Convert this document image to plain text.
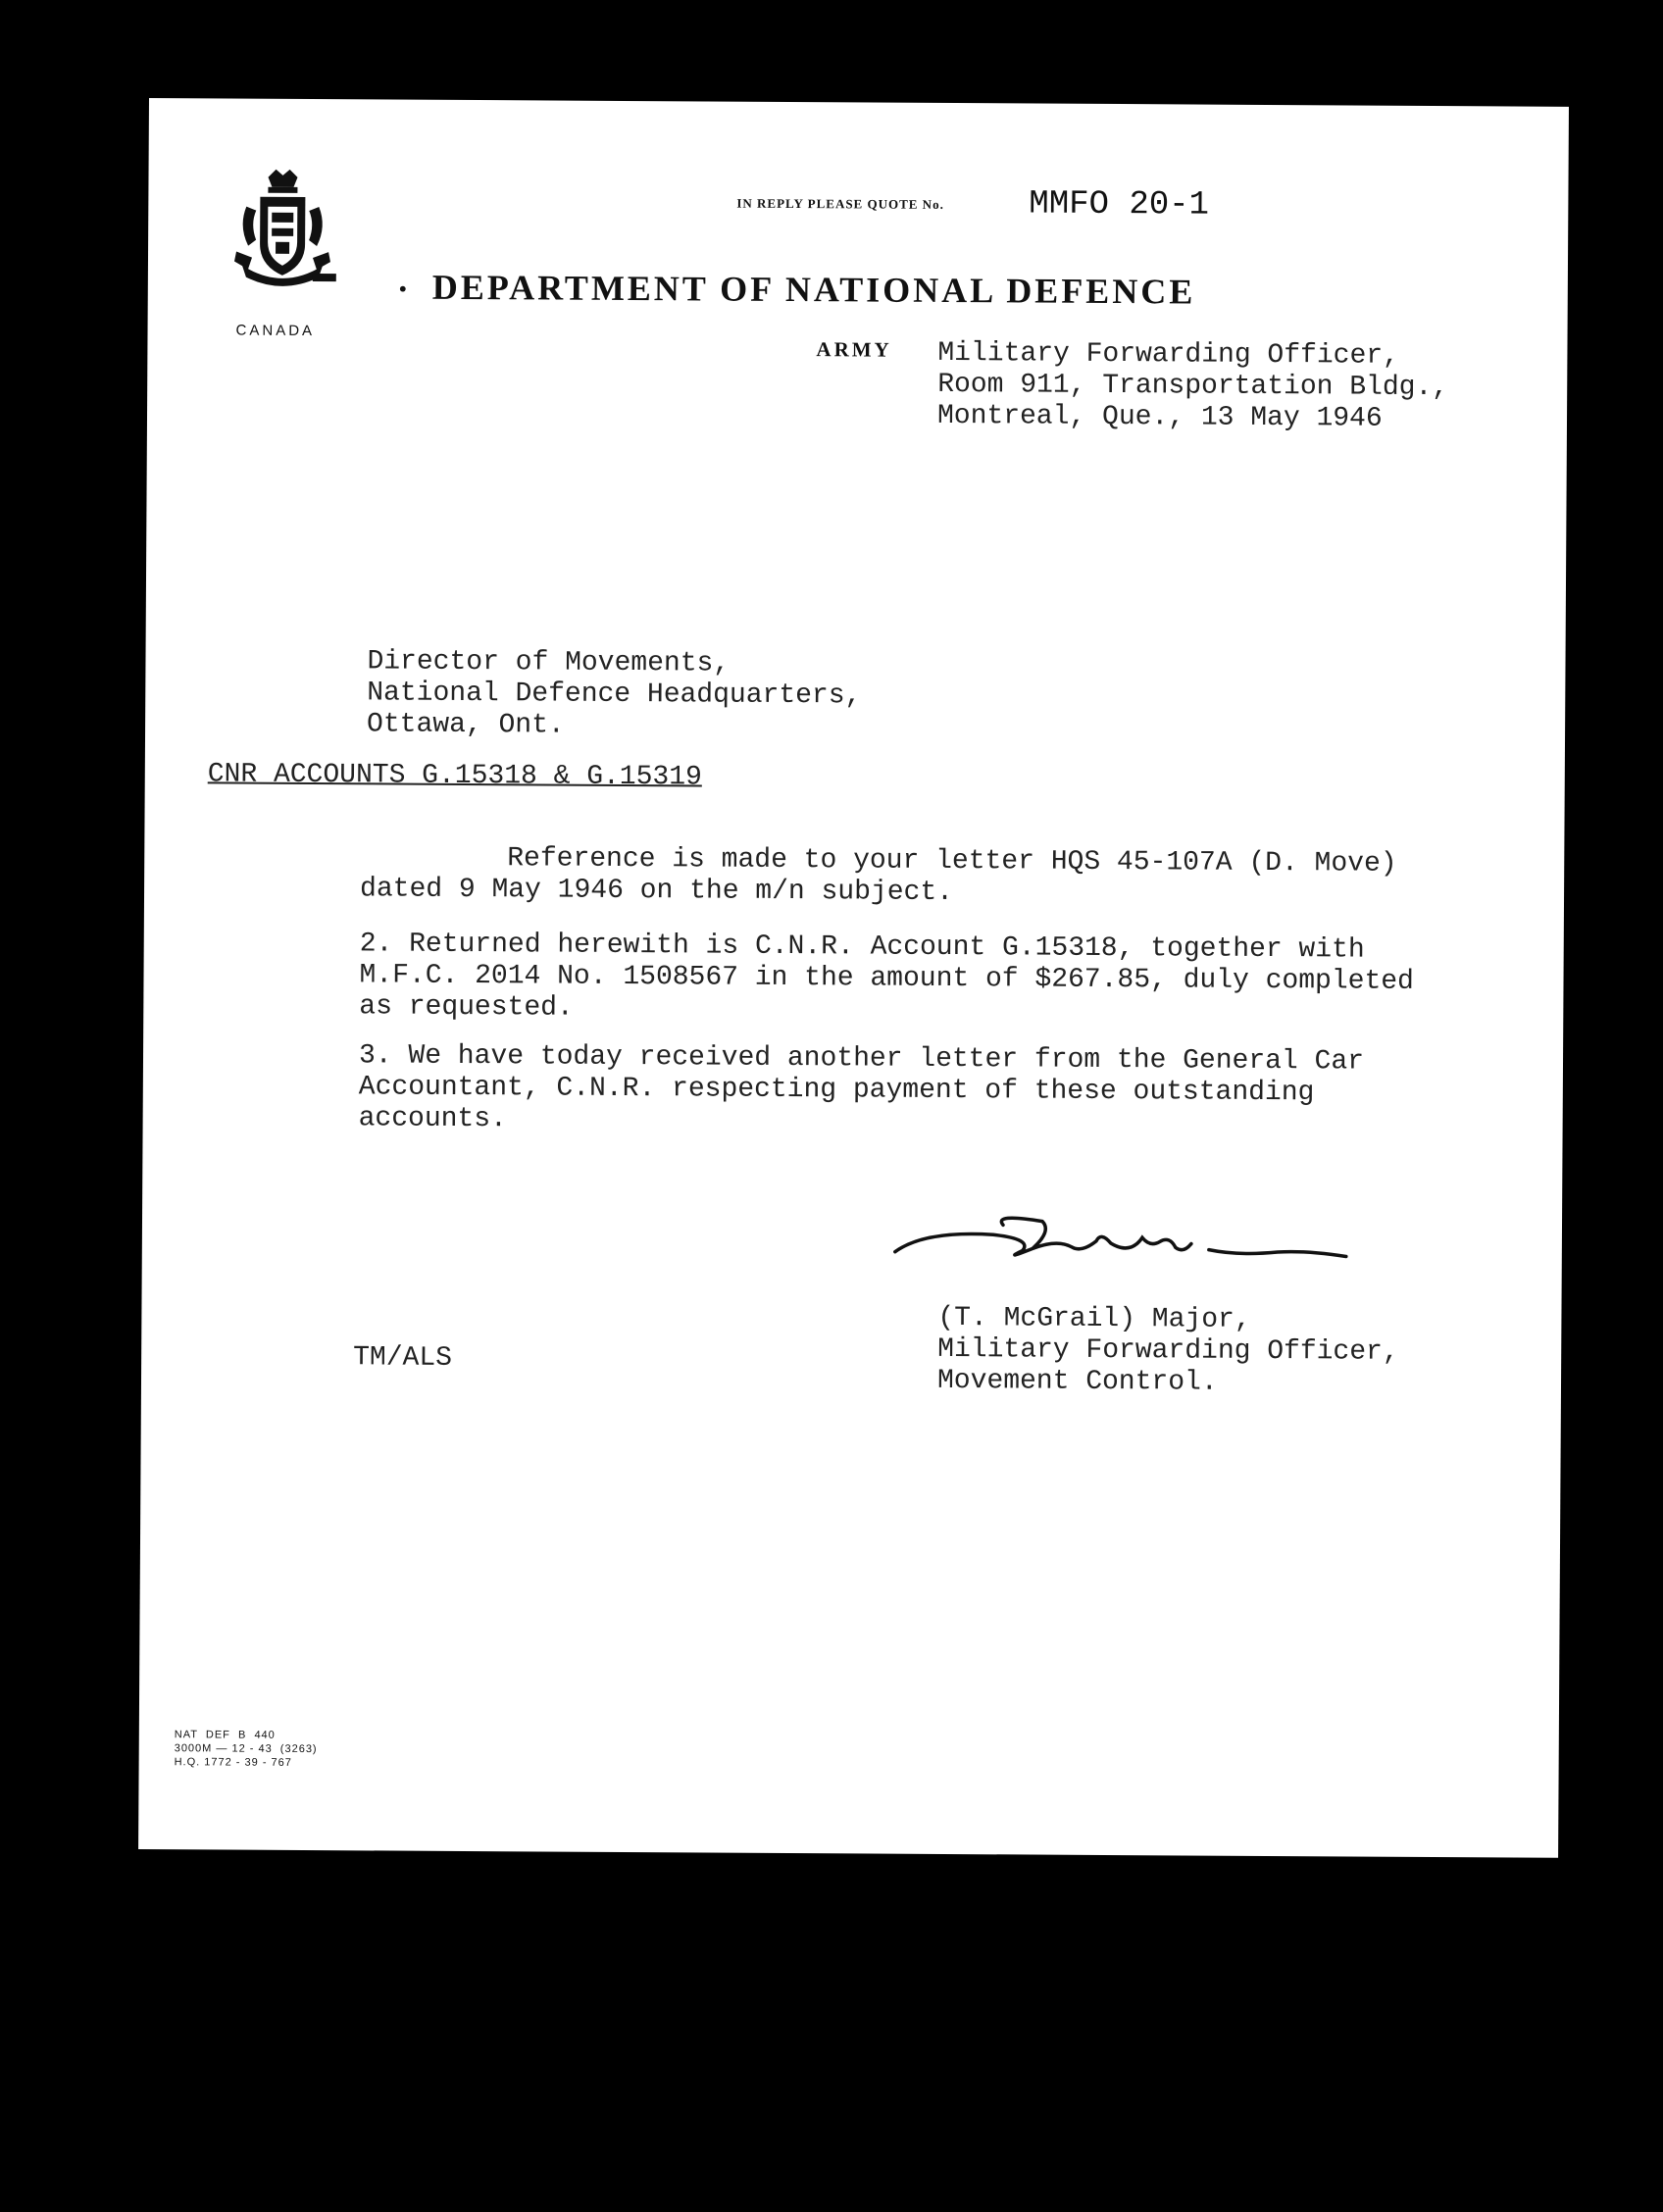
CANADA
IN REPLY PLEASE QUOTE No.	MMFO 20-1
· DEPARTMENT OF NATIONAL DEFENCE
ARMY Military Forwarding Officer,
Room 911, Transportation Bldg.,
Montreal, Que., 13 May 1946
Director of Movements,
National Defence Headquarters,
Ottawa, Ont.
CNR ACCOUNTS G.15318 & G.15319
Reference is made to your letter HQS 45-107A (D. Move) dated 9 May 1946 on the m/n subject.
2. Returned herewith is C.N.R. Account G.15318, together with M.F.C. 2014 No. 1508567 in the amount of $267.85, duly completed as requested.
3. We have today received another letter from the General Car Accountant, C.N.R. respecting payment of these outstanding accounts.
(T. McGrail) Major,
Military Forwarding Officer,
Movement Control.
TM/ALS
NAT  DEF  B  440
3000M — 12 - 43  (3263)
H.Q. 1772 - 39 - 767
